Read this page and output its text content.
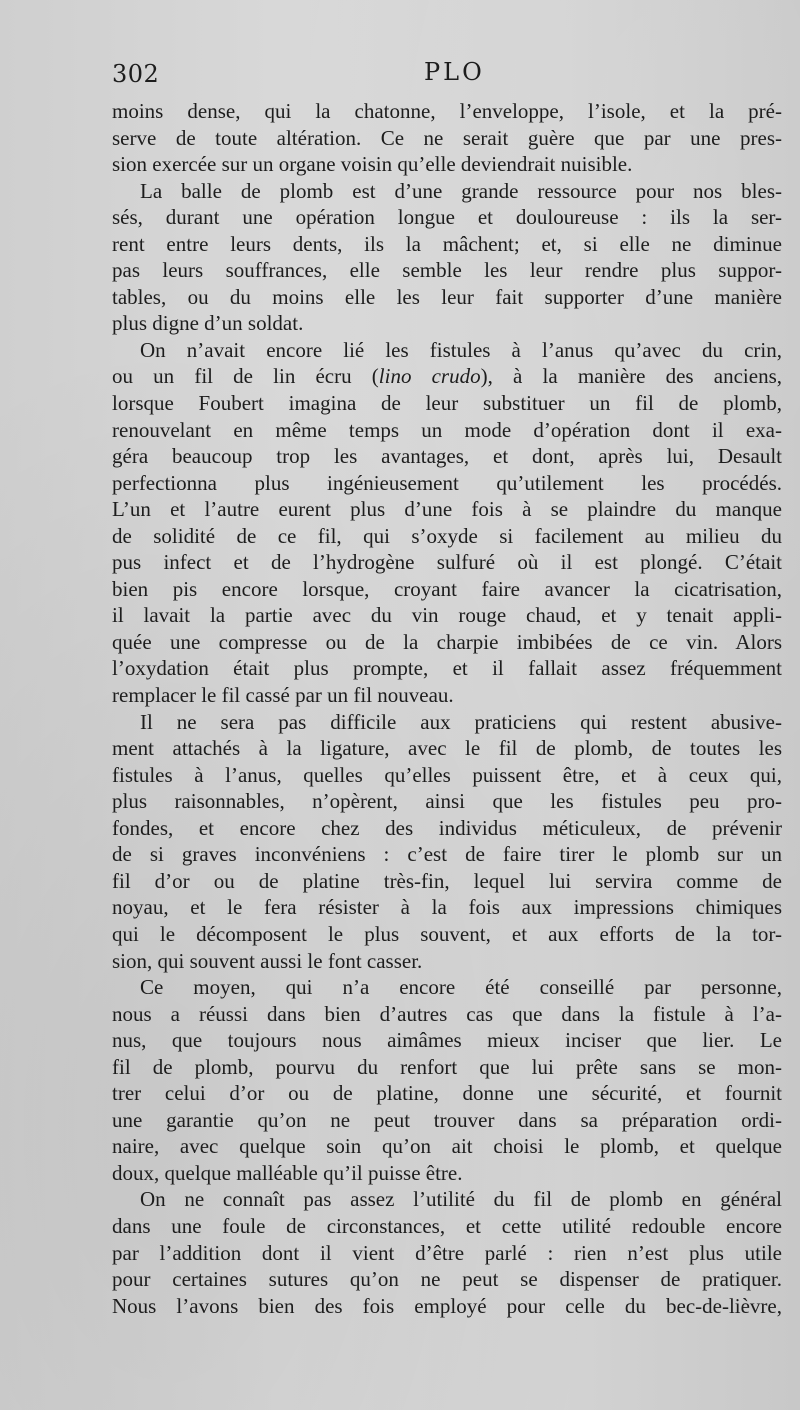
302	PLO
moins dense, qui la chatonne, l’enveloppe, l’isole, et la pré-
serve de toute altération. Ce ne serait guère que par une pres-
sion exercée sur un organe voisin qu’elle deviendrait nuisible.
La balle de plomb est d’une grande ressource pour nos bles-
sés, durant une opération longue et douloureuse : ils la ser-
rent entre leurs dents, ils la mâchent; et, si elle ne diminue
pas leurs souffrances, elle semble les leur rendre plus suppor-
tables, ou du moins elle les leur fait supporter d’une manière
plus digne d’un soldat.
On n’avait encore lié les fistules à l’anus qu’avec du crin,
ou un fil de lin écru (lino crudo), à la manière des anciens,
lorsque Foubert imagina de leur substituer un fil de plomb,
renouvelant en même temps un mode d’opération dont il exa-
géra beaucoup trop les avantages, et dont, après lui, Desault
perfectionna plus ingénieusement qu’utilement les procédés.
L’un et l’autre eurent plus d’une fois à se plaindre du manque
de solidité de ce fil, qui s’oxyde si facilement au milieu du
pus infect et de l’hydrogène sulfuré où il est plongé. C’était
bien pis encore lorsque, croyant faire avancer la cicatrisation,
il lavait la partie avec du vin rouge chaud, et y tenait appli-
quée une compresse ou de la charpie imbibées de ce vin. Alors
l’oxydation était plus prompte, et il fallait assez fréquemment
remplacer le fil cassé par un fil nouveau.
Il ne sera pas difficile aux praticiens qui restent abusive-
ment attachés à la ligature, avec le fil de plomb, de toutes les
fistules à l’anus, quelles qu’elles puissent être, et à ceux qui,
plus raisonnables, n’opèrent, ainsi que les fistules peu pro-
fondes, et encore chez des individus méticuleux, de prévenir
de si graves inconvéniens : c’est de faire tirer le plomb sur un
fil d’or ou de platine très-fin, lequel lui servira comme de
noyau, et le fera résister à la fois aux impressions chimiques
qui le décomposent le plus souvent, et aux efforts de la tor-
sion, qui souvent aussi le font casser.
Ce moyen, qui n’a encore été conseillé par personne,
nous a réussi dans bien d’autres cas que dans la fistule à l’a-
nus, que toujours nous aimâmes mieux inciser que lier. Le
fil de plomb, pourvu du renfort que lui prête sans se mon-
trer celui d’or ou de platine, donne une sécurité, et fournit
une garantie qu’on ne peut trouver dans sa préparation ordi-
naire, avec quelque soin qu’on ait choisi le plomb, et quelque
doux, quelque malléable qu’il puisse être.
On ne connaît pas assez l’utilité du fil de plomb en général
dans une foule de circonstances, et cette utilité redouble encore
par l’addition dont il vient d’être parlé : rien n’est plus utile
pour certaines sutures qu’on ne peut se dispenser de pratiquer.
Nous l’avons bien des fois employé pour celle du bec-de-lièvre,
